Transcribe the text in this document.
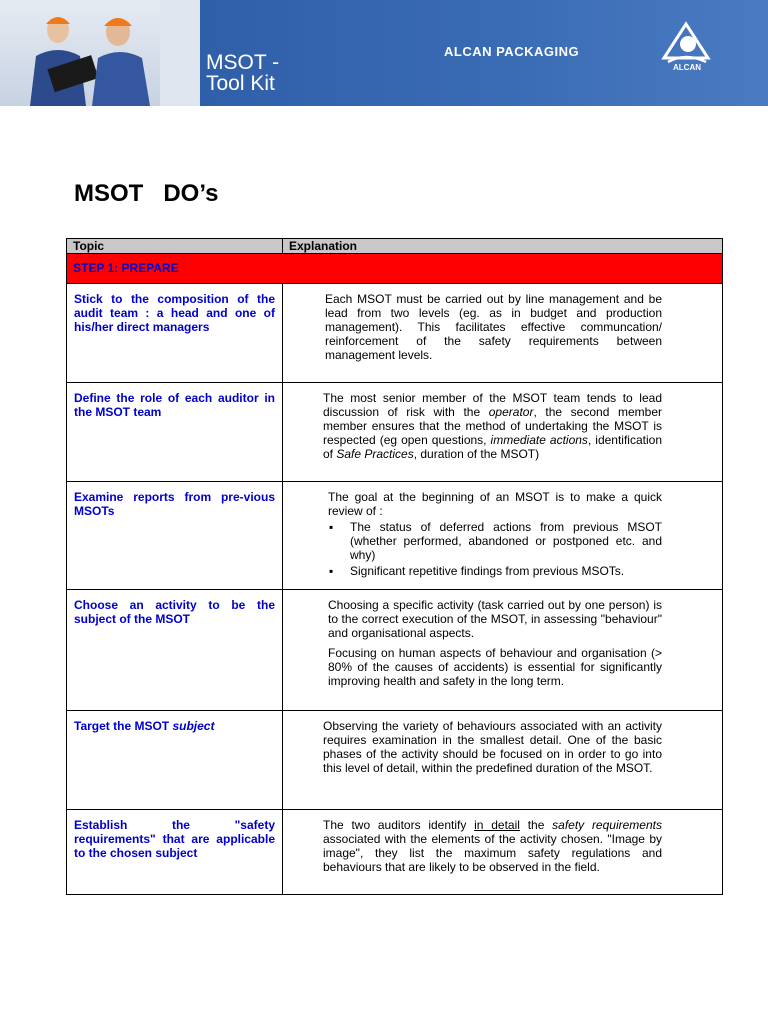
MSOT -
Tool Kit
ALCAN PACKAGING
ALCAN
MSOT   DO’s
Topic	Explanation
STEP 1: PREPARE
Stick to the composition of the audit team : a head and one of his/her direct managers

Each MSOT must be carried out by line management and be lead from two levels (eg. as in budget and production management). This facilitates effective communcation/ reinforcement of the safety requirements between management levels.

Define the role of each auditor in the MSOT team

The most senior member of the MSOT team tends to lead discussion of risk with the operator, the second member member ensures that the method of undertaking the MSOT is respected (eg open questions, immediate actions, identification of Safe Practices, duration of the MSOT)

Examine reports from pre-vious MSOTs

The goal at the beginning of an MSOT is to make a quick review of :

▪ The status of deferred actions from previous MSOT (whether performed, abandoned or postponed etc. and why)
▪ Significant repetitive findings from previous MSOTs.
Choose an activity to be the subject of the MSOT

Choosing a specific activity (task carried out by one person) is to the correct execution of the MSOT, in assessing "behaviour" and organisational aspects.

Focusing on human aspects of behaviour and organisation (> 80% of the causes of accidents) is essential for significantly improving health and safety in the long term.

Target the MSOT subject	Observing the variety of behaviours associated with an activity requires examination in the smallest detail. One of the basic phases of the activity should be focused on in order to go into this level of detail, within the predefined duration of the MSOT.

Establish the "safety requirements" that are applicable to the chosen subject

The two auditors identify in detail the safety requirements associated with the elements of the activity chosen. "Image by image", they list the maximum safety regulations and behaviours that are likely to be observed in the field.
